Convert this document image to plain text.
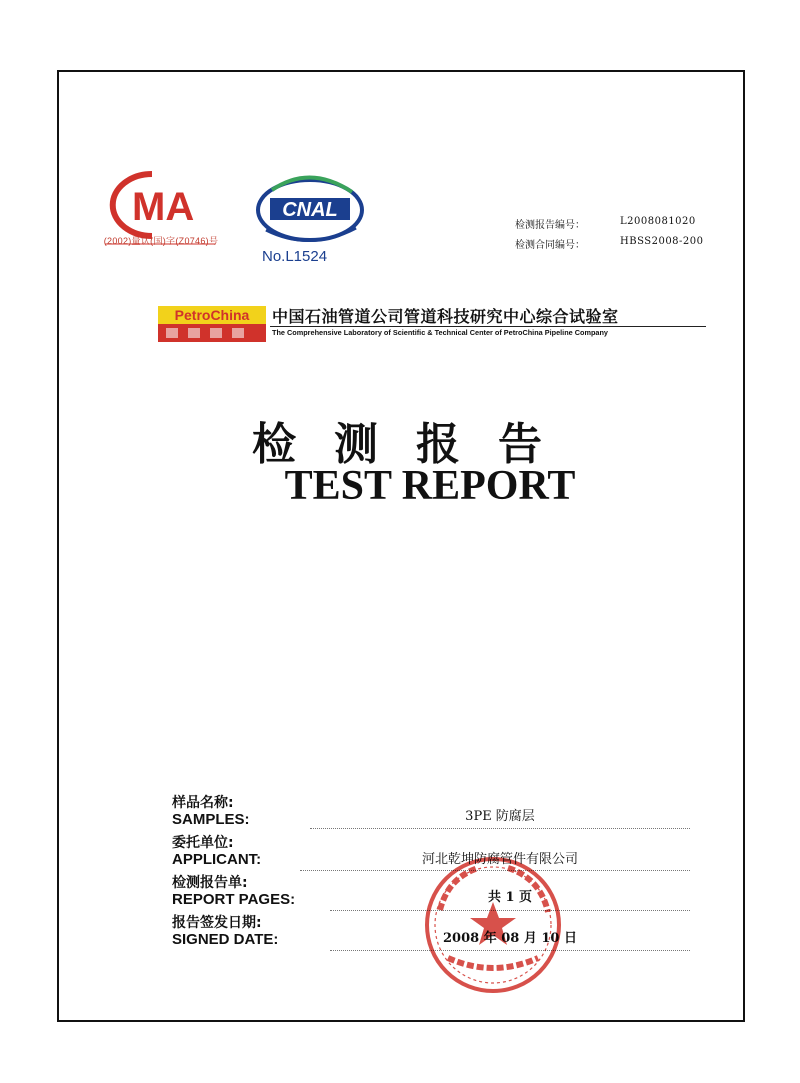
MA
(2002)量认(国)字(Z0746)号
CNAL
No.L1524
检测报告编号：	L2008081020
检测合同编号：	HBSS2008-200
PetroChina 中国石油管道公司管道科技研究中心综合试验室
The Comprehensive Laboratory of Scientific & Technical Center of PetroChina Pipeline Company
检测报告
TEST REPORT
样品名称:
SAMPLES:	3PE 防腐层
委托单位:
APPLICANT:	河北乾坤防腐管件有限公司
检测报告单:
REPORT PAGES:	共 1 页
报告签发日期:
SIGNED DATE:	2008 年 08 月 10 日
